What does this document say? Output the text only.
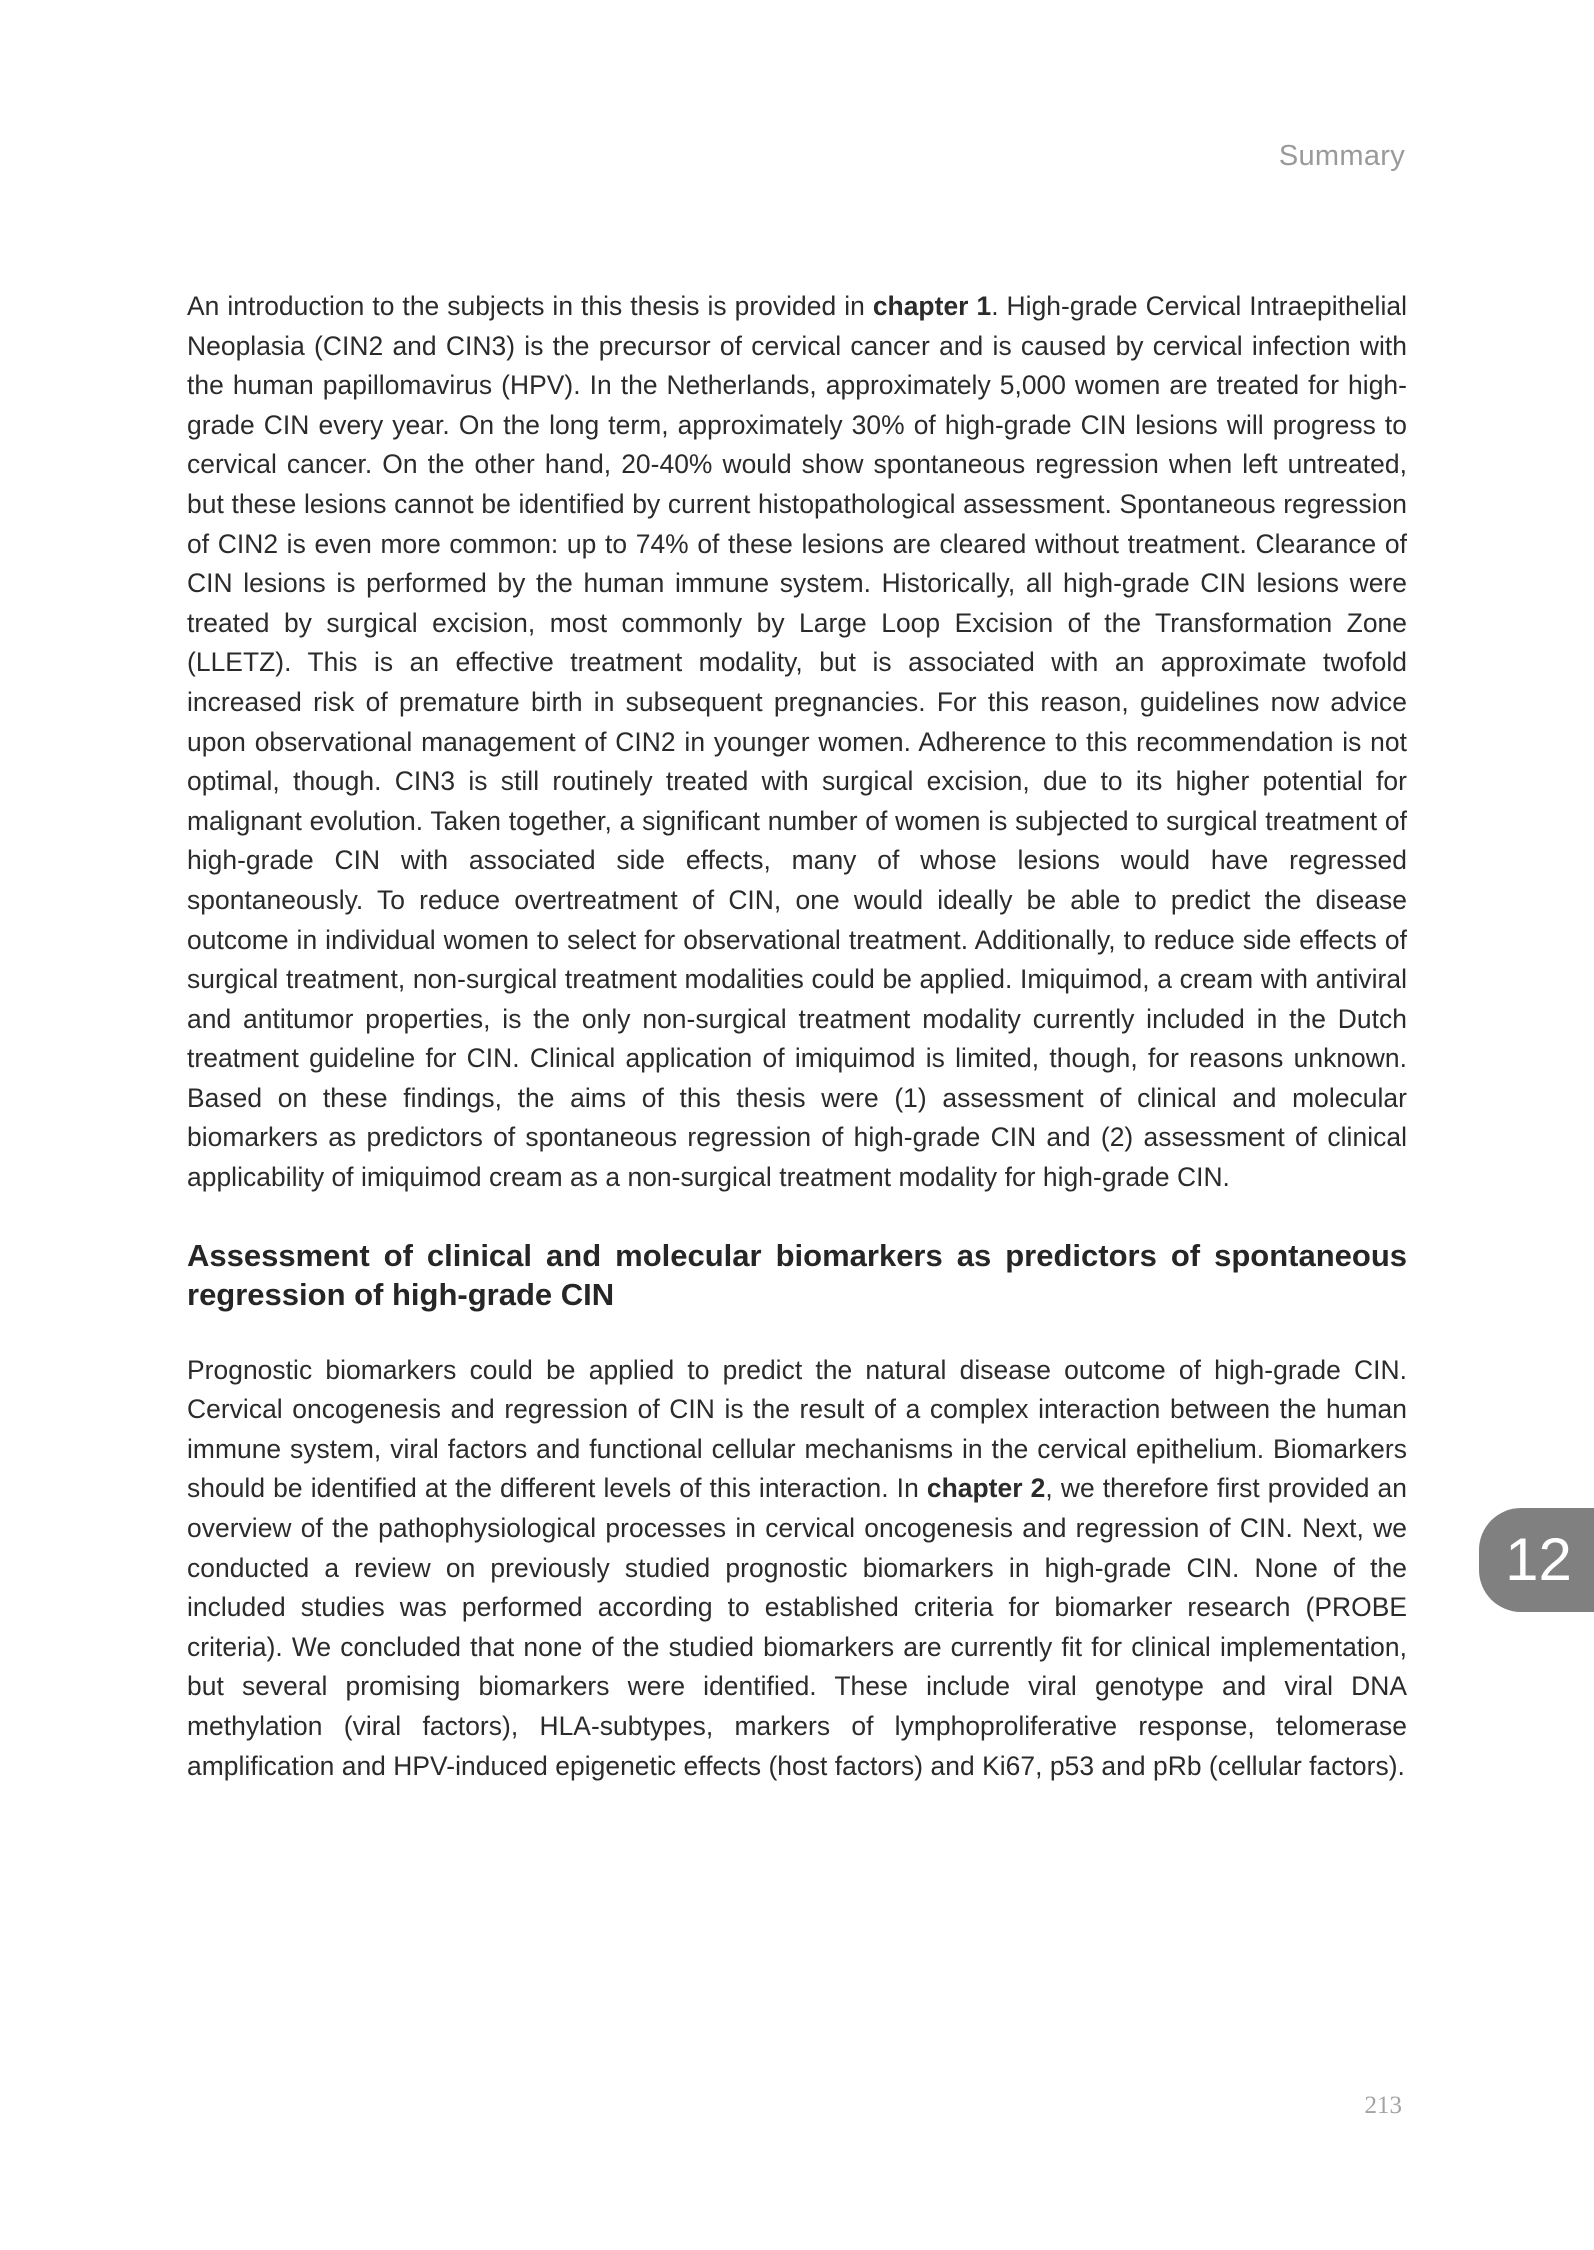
Summary

An introduction to the subjects in this thesis is provided in chapter 1. High-grade Cervical Intraepithelial Neoplasia (CIN2 and CIN3) is the precursor of cervical cancer and is caused by cervical infection with the human papillomavirus (HPV). In the Netherlands, approximately 5,000 women are treated for high-grade CIN every year. On the long term, approximately 30% of high-grade CIN lesions will progress to cervical cancer. On the other hand, 20-40% would show spontaneous regression when left untreated, but these lesions cannot be identified by current histopathological assessment. Spontaneous regression of CIN2 is even more common: up to 74% of these lesions are cleared without treatment. Clearance of CIN lesions is performed by the human immune system. Historically, all high-grade CIN lesions were treated by surgical excision, most commonly by Large Loop Excision of the Transformation Zone (LLETZ). This is an effective treatment modality, but is associated with an approximate twofold increased risk of premature birth in subsequent pregnancies. For this reason, guidelines now advice upon observational management of CIN2 in younger women. Adherence to this recommendation is not optimal, though. CIN3 is still routinely treated with surgical excision, due to its higher potential for malignant evolution. Taken together, a significant number of women is subjected to surgical treatment of high-grade CIN with associated side effects, many of whose lesions would have regressed spontaneously. To reduce overtreatment of CIN, one would ideally be able to predict the disease outcome in individual women to select for observational treatment. Additionally, to reduce side effects of surgical treatment, non-surgical treatment modalities could be applied. Imiquimod, a cream with antiviral and antitumor properties, is the only non-surgical treatment modality currently included in the Dutch treatment guideline for CIN. Clinical application of imiquimod is limited, though, for reasons unknown. Based on these findings, the aims of this thesis were (1) assessment of clinical and molecular biomarkers as predictors of spontaneous regression of high-grade CIN and (2) assessment of clinical applicability of imiquimod cream as a non-surgical treatment modality for high-grade CIN.

Assessment of clinical and molecular biomarkers as predictors of spontaneous regression of high-grade CIN

Prognostic biomarkers could be applied to predict the natural disease outcome of high-grade CIN. Cervical oncogenesis and regression of CIN is the result of a complex interaction between the human immune system, viral factors and functional cellular mechanisms in the cervical epithelium. Biomarkers should be identified at the different levels of this interaction. In chapter 2, we therefore first provided an overview of the pathophysiological processes in cervical oncogenesis and regression of CIN. Next, we conducted a review on previously studied prognostic biomarkers in high-grade CIN. None of the included studies was performed according to established criteria for biomarker research (PROBE criteria). We concluded that none of the studied biomarkers are currently fit for clinical implementation, but several promising biomarkers were identified. These include viral genotype and viral DNA methylation (viral factors), HLA-subtypes, markers of lymphoproliferative response, telomerase amplification and HPV-induced epigenetic effects (host factors) and Ki67, p53 and pRb (cellular factors).

12
213
